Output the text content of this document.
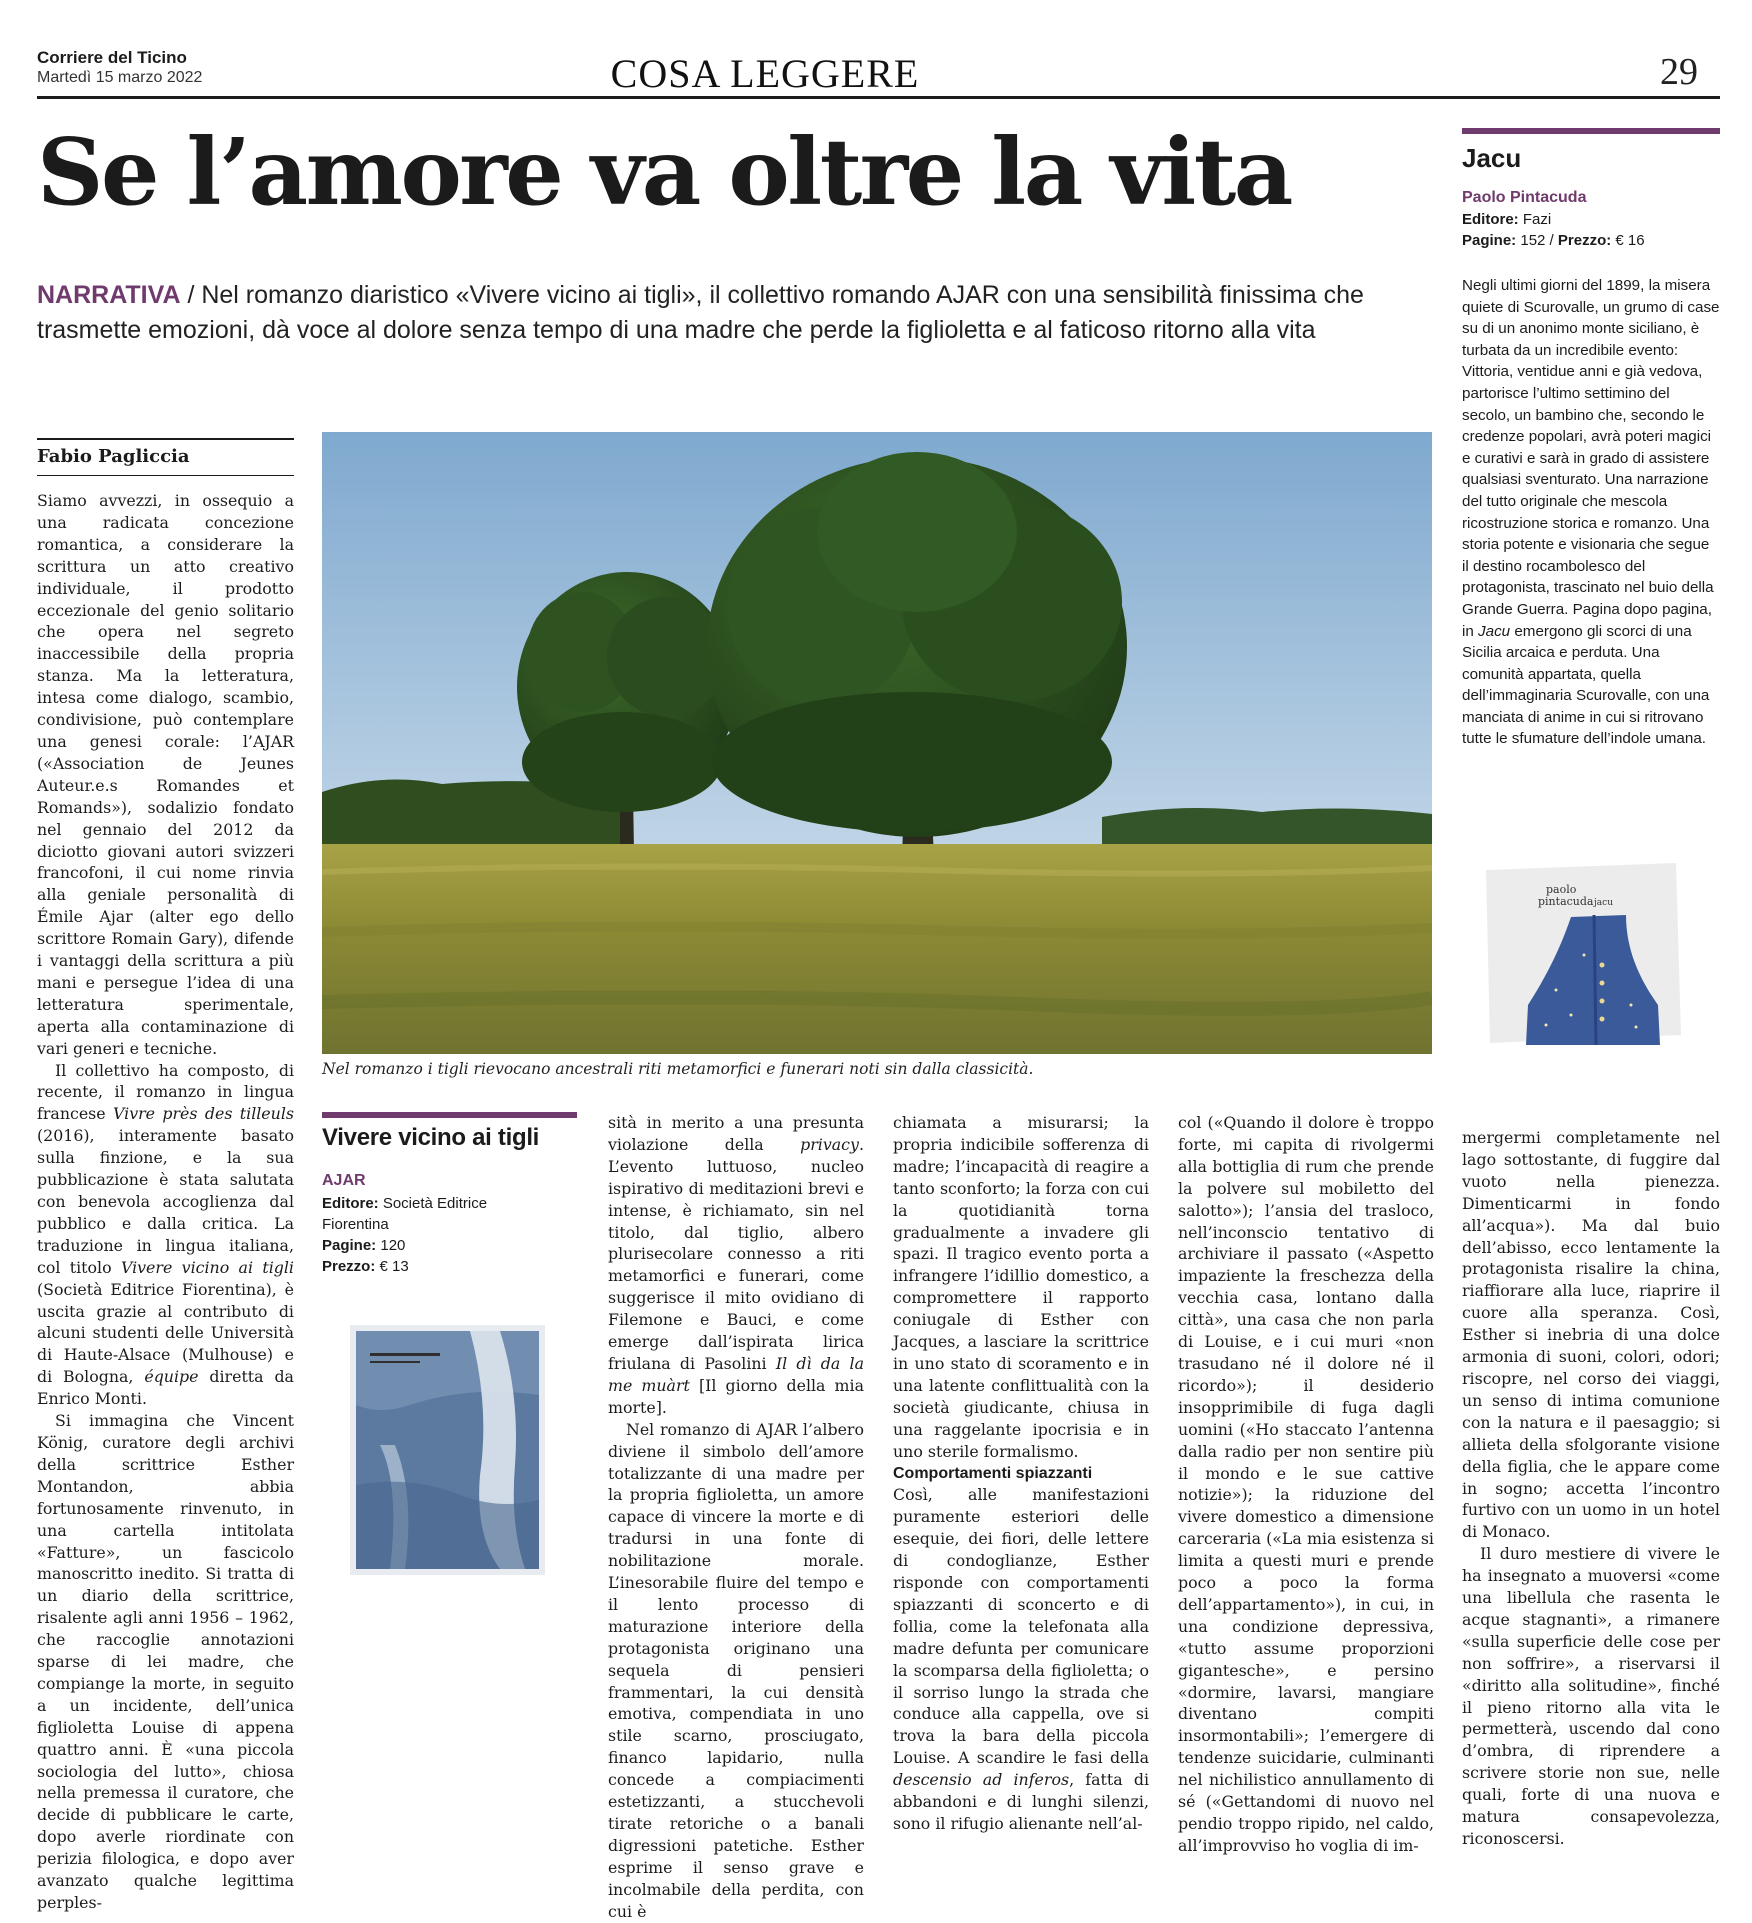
Corriere del Ticino
Martedì 15 marzo 2022	COSA LEGGERE	29
Se l’amore va oltre la vita
NARRATIVA / Nel romanzo diaristico «Vivere vicino ai tigli», il collettivo romando AJAR con una sensibilità finissima che trasmette emozioni, dà voce al dolore senza tempo di una madre che perde la figlioletta e al faticoso ritorno alla vita
Jacu
Paolo Pintacuda
Editore: Fazi
Pagine: 152 / Prezzo: € 16
Negli ultimi giorni del 1899, la misera quiete di Scurovalle, un grumo di case su di un anonimo monte siciliano, è turbata da un incredibile evento: Vittoria, ventidue anni e già vedova, partorisce l’ultimo settimino del secolo, un bambino che, secondo le credenze popolari, avrà poteri magici e curativi e sarà in grado di assistere qualsiasi sventurato. Una narrazione del tutto originale che mescola ricostruzione storica e romanzo. Una storia potente e visionaria che segue il destino rocambolesco del protagonista, trascinato nel buio della Grande Guerra. Pagina dopo pagina, in Jacu emergono gli scorci di una Sicilia arcaica e perduta. Una comunità appartata, quella dell’immaginaria Scurovalle, con una manciata di anime in cui si ritrovano tutte le sfumature dell’indole umana.
paolo
pintacuda jacu
Nel romanzo i tigli rievocano ancestrali riti metamorfici e funerari noti sin dalla classicità.
Fabio Pagliccia

Siamo avvezzi, in ossequio a una radicata concezione romantica, a considerare la scrittura un atto creativo individuale, il prodotto eccezionale del genio solitario che opera nel segreto inaccessibile della propria stanza. Ma la letteratura, intesa come dialogo, scambio, condivisione, può contemplare una genesi corale: l’AJAR («Association de Jeunes Auteur.e.s Romandes et Romands»), sodalizio fondato nel gennaio del 2012 da diciotto giovani autori svizzeri francofoni, il cui nome rinvia alla geniale personalità di Émile Ajar (alter ego dello scrittore Romain Gary), difende i vantaggi della scrittura a più mani e persegue l’idea di una letteratura sperimentale, aperta alla contaminazione di vari generi e tecniche.

Il collettivo ha composto, di recente, il romanzo in lingua francese Vivre près des tilleuls (2016), interamente basato sulla finzione, e la sua pubblicazione è stata salutata con benevola accoglienza dal pubblico e dalla critica. La traduzione in lingua italiana, col titolo Vivere vicino ai tigli (Società Editrice Fiorentina), è uscita grazie al contributo di alcuni studenti delle Università di Haute-Alsace (Mulhouse) e di Bologna, équipe diretta da Enrico Monti.

Si immagina che Vincent König, curatore degli archivi della scrittrice Esther Montandon, abbia fortunosamente rinvenuto, in una cartella intitolata «Fatture», un fascicolo manoscritto inedito. Si tratta di un diario della scrittrice, risalente agli anni 1956 – 1962, che raccoglie annotazioni sparse di lei madre, che compiange la morte, in seguito a un incidente, dell’unica figlioletta Louise di appena quattro anni. È «una piccola sociologia del lutto», chiosa nella premessa il curatore, che decide di pubblicare le carte, dopo averle riordinate con perizia filologica, e dopo aver avanzato qualche legittima perples-

Vivere vicino ai tigli
AJAR
Editore: Società Editrice Fiorentina
Pagine: 120
Prezzo: € 13

sità in merito a una presunta violazione della privacy. L’evento luttuoso, nucleo ispirativo di meditazioni brevi e intense, è richiamato, sin nel titolo, dal tiglio, albero plurisecolare connesso a riti metamorfici e funerari, come suggerisce il mito ovidiano di Filemone e Bauci, e come emerge dall’ispirata lirica friulana di Pasolini Il dì da la me muàrt [Il giorno della mia morte].

Nel romanzo di AJAR l’albero diviene il simbolo dell’amore totalizzante di una madre per la propria figlioletta, un amore capace di vincere la morte e di tradursi in una fonte di nobilitazione morale. L’inesorabile fluire del tempo e il lento processo di maturazione interiore della protagonista originano una sequela di pensieri frammentari, la cui densità emotiva, compendiata in uno stile scarno, prosciugato, financo lapidario, nulla concede a compiacimenti estetizzanti, a stucchevoli tirate retoriche o a banali digressioni patetiche. Esther esprime il senso grave e incolmabile della perdita, con cui è

chiamata a misurarsi; la propria indicibile sofferenza di madre; l’incapacità di reagire a tanto sconforto; la forza con cui la quotidianità torna gradualmente a invadere gli spazi. Il tragico evento porta a infrangere l’idillio domestico, a compromettere il rapporto coniugale di Esther con Jacques, a lasciare la scrittrice in uno stato di scoramento e in una latente conflittualità con la società giudicante, chiusa in una raggelante ipocrisia e in uno sterile formalismo.

Comportamenti spiazzanti

Così, alle manifestazioni puramente esteriori delle esequie, dei fiori, delle lettere di condoglianze, Esther risponde con comportamenti spiazzanti di sconcerto e di follia, come la telefonata alla madre defunta per comunicare la scomparsa della figlioletta; o il sorriso lungo la strada che conduce alla cappella, ove si trova la bara della piccola Louise. A scandire le fasi della descensio ad inferos, fatta di abbandoni e di lunghi silenzi, sono il rifugio alienante nell’al-

col («Quando il dolore è troppo forte, mi capita di rivolgermi alla bottiglia di rum che prende la polvere sul mobiletto del salotto»); l’ansia del trasloco, nell’inconscio tentativo di archiviare il passato («Aspetto impaziente la freschezza della vecchia casa, lontano dalla città», una casa che non parla di Louise, e i cui muri «non trasudano né il dolore né il ricordo»); il desiderio insopprimibile di fuga dagli uomini («Ho staccato l’antenna dalla radio per non sentire più il mondo e le sue cattive notizie»); la riduzione del vivere domestico a dimensione carceraria («La mia esistenza si limita a questi muri e prende poco a poco la forma dell’appartamento»), in cui, in una condizione depressiva, «tutto assume proporzioni gigantesche», e persino «dormire, lavarsi, mangiare diventano compiti insormontabili»; l’emergere di tendenze suicidarie, culminanti nel nichilistico annullamento di sé («Gettandomi di nuovo nel pendio troppo ripido, nel caldo, all’improvviso ho voglia di im-

mergermi completamente nel lago sottostante, di fuggire dal vuoto nella pienezza. Dimenticarmi in fondo all’acqua»). Ma dal buio dell’abisso, ecco lentamente la protagonista risalire la china, riaffiorare alla luce, riaprire il cuore alla speranza. Così, Esther si inebria di una dolce armonia di suoni, colori, odori; riscopre, nel corso dei viaggi, un senso di intima comunione con la natura e il paesaggio; si allieta della sfolgorante visione della figlia, che le appare come in sogno; accetta l’incontro furtivo con un uomo in un hotel di Monaco.

Il duro mestiere di vivere le ha insegnato a muoversi «come una libellula che rasenta le acque stagnanti», a rimanere «sulla superficie delle cose per non soffrire», a riservarsi il «diritto alla solitudine», finché il pieno ritorno alla vita le permetterà, uscendo dal cono d’ombra, di riprendere a scrivere storie non sue, nelle quali, forte di una nuova e matura consapevolezza, riconoscersi.
